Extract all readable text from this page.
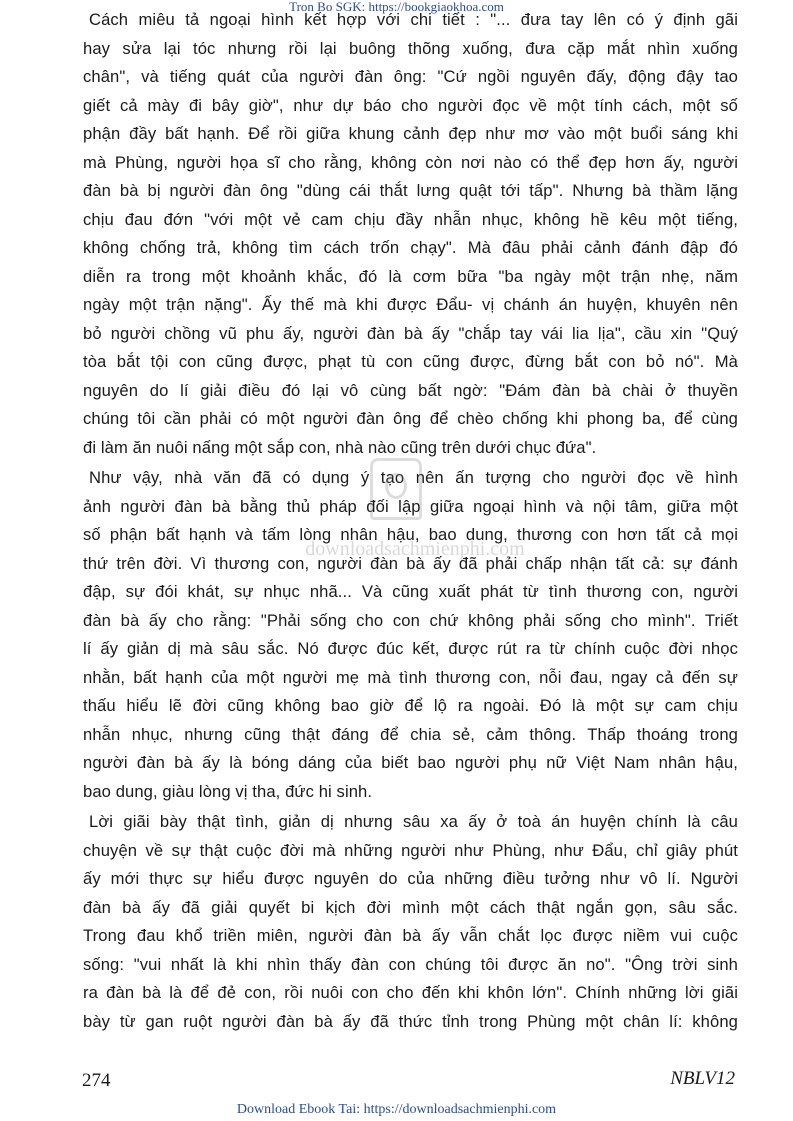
Tron Bo SGK: https://bookgiaokhoa.com
Cách miêu tả ngoại hình kết hợp với chi tiết : "... đưa tay lên có ý định gãi
hay sửa lại tóc nhưng rồi lại buông thõng xuống, đưa cặp mắt nhìn xuống
chân", và tiếng quát của người đàn ông: "Cứ ngồi nguyên đấy, động đậy tao
giết cả mày đi bây giờ", như dự báo cho người đọc về một tính cách, một số
phận đầy bất hạnh. Để rồi giữa khung cảnh đẹp như mơ vào một buổi sáng khi
mà Phùng, người họa sĩ cho rằng, không còn nơi nào có thể đẹp hơn ấy, người
đàn bà bị người đàn ông "dùng cái thắt lưng quật tới tấp". Nhưng bà thầm lặng
chịu đau đớn "với một vẻ cam chịu đầy nhẫn nhục, không hề kêu một tiếng,
không chống trả, không tìm cách trốn chạy". Mà đâu phải cảnh đánh đập đó
diễn ra trong một khoảnh khắc, đó là cơm bữa "ba ngày một trận nhẹ, năm
ngày một trận nặng". Ấy thế mà khi được Đẩu- vị chánh án huyện, khuyên nên
bỏ người chồng vũ phu ấy, người đàn bà ấy "chắp tay vái lia lịa", cầu xin "Quý
tòa bắt tội con cũng được, phạt tù con cũng được, đừng bắt con bỏ nó". Mà
nguyên do lí giải điều đó lại vô cùng bất ngờ: "Đám đàn bà chài ở thuyền
chúng tôi cần phải có một người đàn ông để chèo chống khi phong ba, để cùng
đi làm ăn nuôi nấng một sắp con, nhà nào cũng trên dưới chục đứa".
Như vậy, nhà văn đã có dụng ý tạo nên ấn tượng cho người đọc về hình
ảnh người đàn bà bằng thủ pháp đối lập giữa ngoại hình và nội tâm, giữa một
số phận bất hạnh và tấm lòng nhân hậu, bao dung, thương con hơn tất cả mọi
thứ trên đời. Vì thương con, người đàn bà ấy đã phải chấp nhận tất cả: sự đánh
đập, sự đói khát, sự nhục nhã... Và cũng xuất phát từ tình thương con, người
đàn bà ấy cho rằng: "Phải sống cho con chứ không phải sống cho mình". Triết
lí ấy giản dị mà sâu sắc. Nó được đúc kết, được rút ra từ chính cuộc đời nhọc
nhằn, bất hạnh của một người mẹ mà tình thương con, nỗi đau, ngay cả đến sự
thấu hiểu lẽ đời cũng không bao giờ để lộ ra ngoài. Đó là một sự cam chịu
nhẫn nhục, nhưng cũng thật đáng để chia sẻ, cảm thông. Thấp thoáng trong
người đàn bà ấy là bóng dáng của biết bao người phụ nữ Việt Nam nhân hậu,
bao dung, giàu lòng vị tha, đức hi sinh.
Lời giãi bày thật tình, giản dị nhưng sâu xa ấy ở toà án huyện chính là câu
chuyện về sự thật cuộc đời mà những người như Phùng, như Đẩu, chỉ giây phút
ấy mới thực sự hiểu được nguyên do của những điều tưởng như vô lí. Người
đàn bà ấy đã giải quyết bi kịch đời mình một cách thật ngắn gọn, sâu sắc.
Trong đau khổ triền miên, người đàn bà ấy vẫn chắt lọc được niềm vui cuộc
sống: "vui nhất là khi nhìn thấy đàn con chúng tôi được ăn no". "Ông trời sinh
ra đàn bà là để đẻ con, rồi nuôi con cho đến khi khôn lớn". Chính những lời giãi
bày từ gan ruột người đàn bà ấy đã thức tỉnh trong Phùng một chân lí: không
downloadsachmienphi.com
274	NBLV12
Download Ebook Tai: https://downloadsachmienphi.com
